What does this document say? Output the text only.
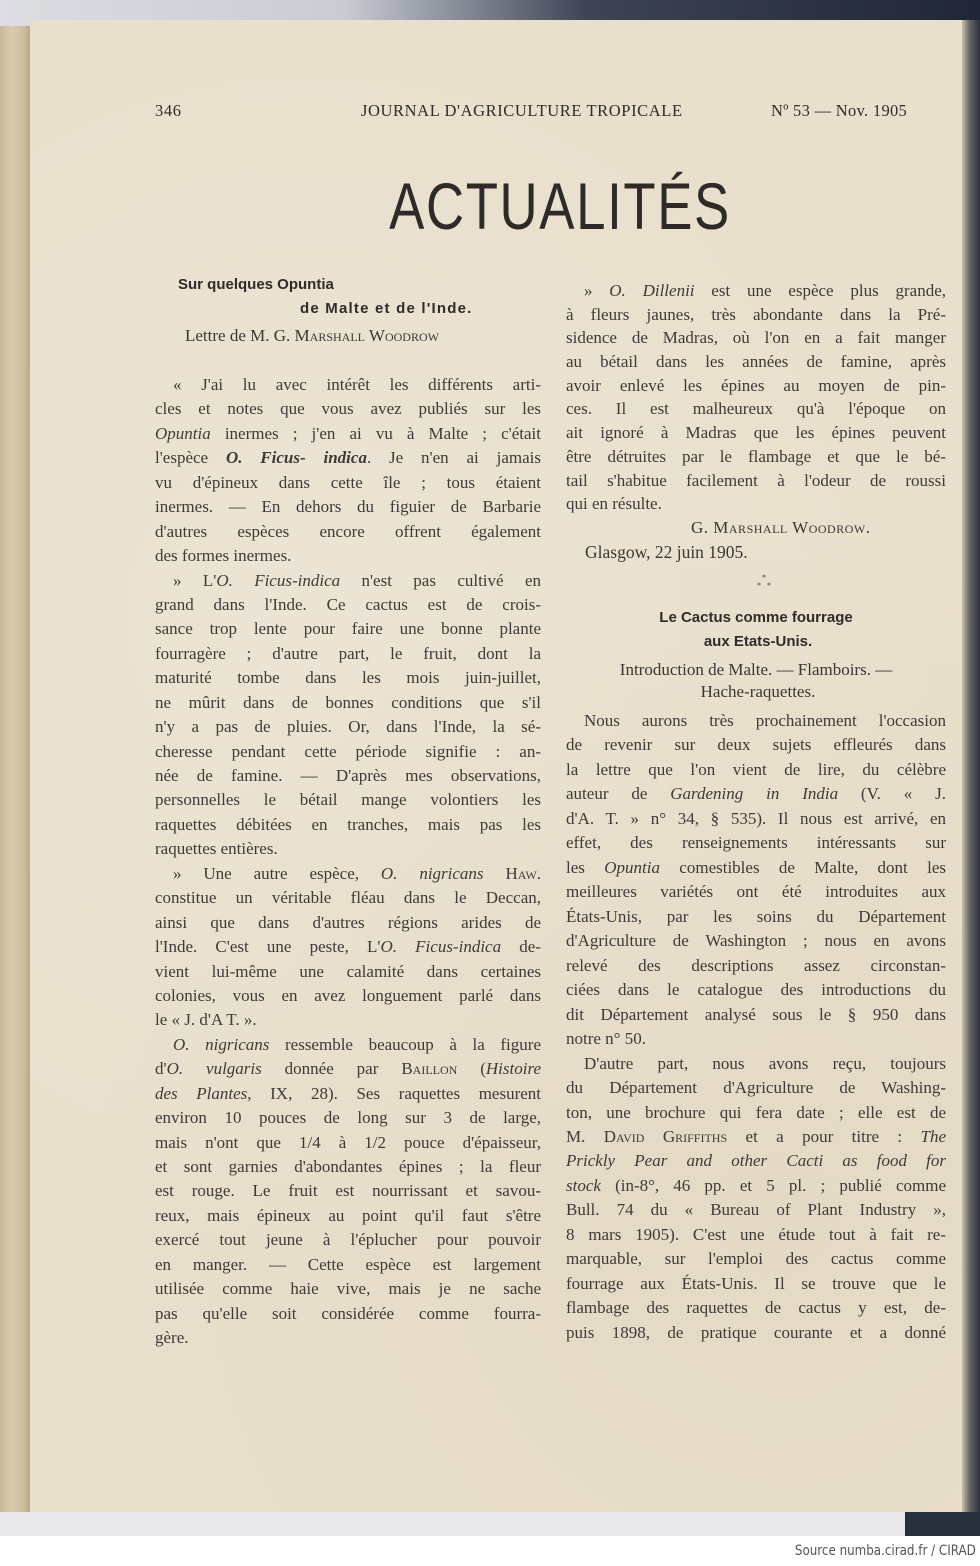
346	JOURNAL D'AGRICULTURE TROPICALE	Nº 53 — Nov. 1905
ACTUALITÉS
Sur quelques Opuntia
de Malte et de l'Inde.
Lettre de M. G. Marshall Woodrow
« J'ai lu avec intérêt les différents arti-
cles et notes que vous avez publiés sur les
Opuntia inermes ; j'en ai vu à Malte ; c'était
l'espèce O. Ficus- indica. Je n'en ai jamais
vu d'épineux dans cette île ; tous étaient
inermes. — En dehors du figuier de Barbarie
d'autres espèces encore offrent également
des formes inermes.
» L'O. Ficus-indica n'est pas cultivé en
grand dans l'Inde. Ce cactus est de crois-
sance trop lente pour faire une bonne plante
fourragère ; d'autre part, le fruit, dont la
maturité tombe dans les mois juin-juillet,
ne mûrit dans de bonnes conditions que s'il
n'y a pas de pluies. Or, dans l'Inde, la sé-
cheresse pendant cette période signifie : an-
née de famine. — D'après mes observations,
personnelles le bétail mange volontiers les
raquettes débitées en tranches, mais pas les
raquettes entières.
» Une autre espèce, O. nigricans Haw.
constitue un véritable fléau dans le Deccan,
ainsi que dans d'autres régions arides de
l'Inde. C'est une peste, L'O. Ficus-indica de-
vient lui-même une calamité dans certaines
colonies, vous en avez longuement parlé dans
le « J. d'A T. ».
O. nigricans ressemble beaucoup à la figure
d'O. vulgaris donnée par Baillon (Histoire
des Plantes, IX, 28). Ses raquettes mesurent
environ 10 pouces de long sur 3 de large,
mais n'ont que 1/4 à 1/2 pouce d'épaisseur,
et sont garnies d'abondantes épines ; la fleur
est rouge. Le fruit est nourrissant et savou-
reux, mais épineux au point qu'il faut s'être
exercé tout jeune à l'éplucher pour pouvoir
en manger. — Cette espèce est largement
utilisée comme haie vive, mais je ne sache
pas qu'elle soit considérée comme fourra-
gère.
» O. Dillenii est une espèce plus grande,
à fleurs jaunes, très abondante dans la Pré-
sidence de Madras, où l'on en a fait manger
au bétail dans les années de famine, après
avoir enlevé les épines au moyen de pin-
ces. Il est malheureux qu'à l'époque on
ait ignoré à Madras que les épines peuvent
être détruites par le flambage et que le bé-
tail s'habitue facilement à l'odeur de roussi
qui en résulte.
G. Marshall Woodrow.
Glasgow, 22 juin 1905.
*
* *
Le Cactus comme fourrage
aux Etats-Unis.
Introduction de Malte. — Flamboirs. —
Hache-raquettes.
Nous aurons très prochainement l'occasion
de revenir sur deux sujets effleurés dans
la lettre que l'on vient de lire, du célèbre
auteur de Gardening in India (V. « J.
d'A. T. » n° 34, § 535). Il nous est arrivé, en
effet, des renseignements intéressants sur
les Opuntia comestibles de Malte, dont les
meilleures variétés ont été introduites aux
États-Unis, par les soins du Département
d'Agriculture de Washington ; nous en avons
relevé des descriptions assez circonstan-
ciées dans le catalogue des introductions du
dit Département analysé sous le § 950 dans
notre n° 50.
D'autre part, nous avons reçu, toujours
du Département d'Agriculture de Washing-
ton, une brochure qui fera date ; elle est de
M. David Griffiths et a pour titre : The
Prickly Pear and other Cacti as food for
stock (in-8°, 46 pp. et 5 pl. ; publié comme
Bull. 74 du « Bureau of Plant Industry »,
8 mars 1905). C'est une étude tout à fait re-
marquable, sur l'emploi des cactus comme
fourrage aux États-Unis. Il se trouve que le
flambage des raquettes de cactus y est, de-
puis 1898, de pratique courante et a donné
Source numba.cirad.fr / CIRAD
